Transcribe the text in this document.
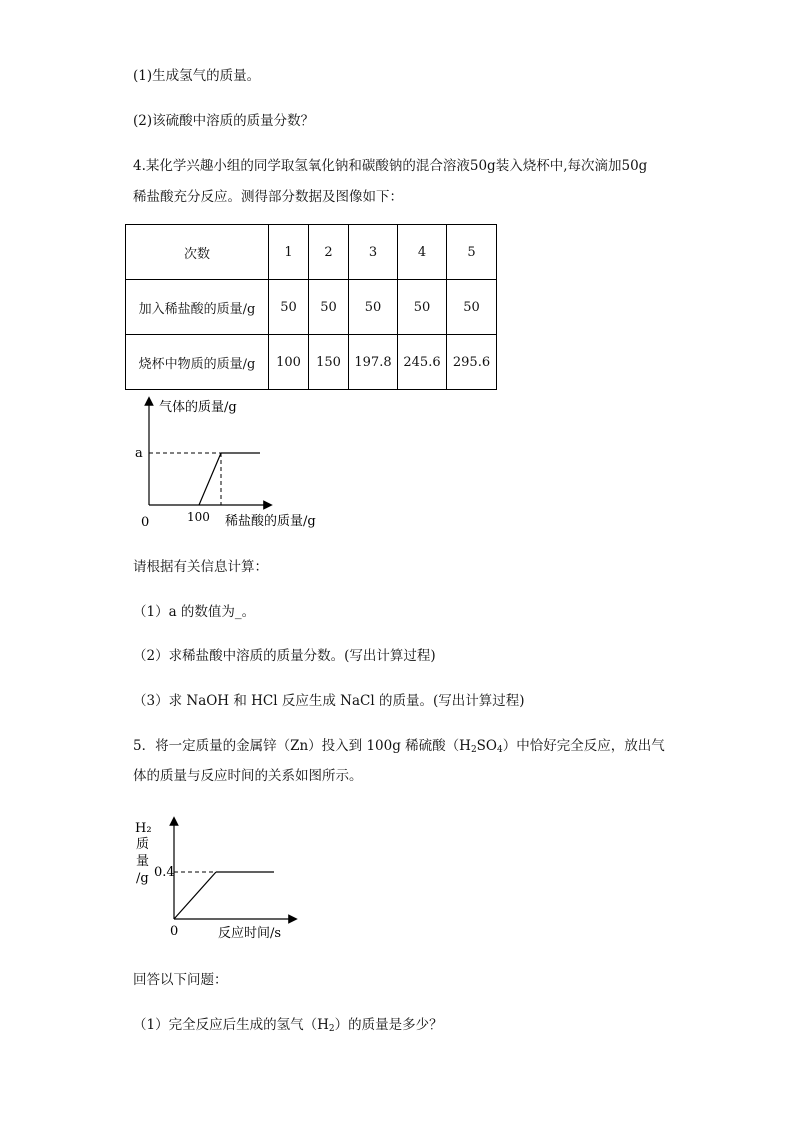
(1)生成氢气的质量。
(2)该硫酸中溶质的质量分数？
4.某化学兴趣小组的同学取氢氧化钠和碳酸钠的混合溶液50g装入烧杯中,每次滴加50g
稀盐酸充分反应。测得部分数据及图像如下：
次数	1	2	3	4	5
加入稀盐酸的质量/g	50	50	50	50	50
烧杯中物质的质量/g	100	150	197.8	245.6	295.6
气体的质量/g
a
0	100 稀盐酸的质量/g
请根据有关信息计算：
（1）a 的数值为_。
（2）求稀盐酸中溶质的质量分数。(写出计算过程)
（3）求 NaOH 和 HCl 反应生成 NaCl 的质量。(写出计算过程)
5．将一定质量的金属锌（Zn）投入到 100g 稀硫酸$(H_2SO_4)$中恰好完全反应，放出气
体的质量与反应时间的关系如图所示。
H₂
质
量
/g 0.4
0	反应时间/s
回答以下问题：
（1）完全反应后生成的氢气$(H_2)$的质量是多少？
